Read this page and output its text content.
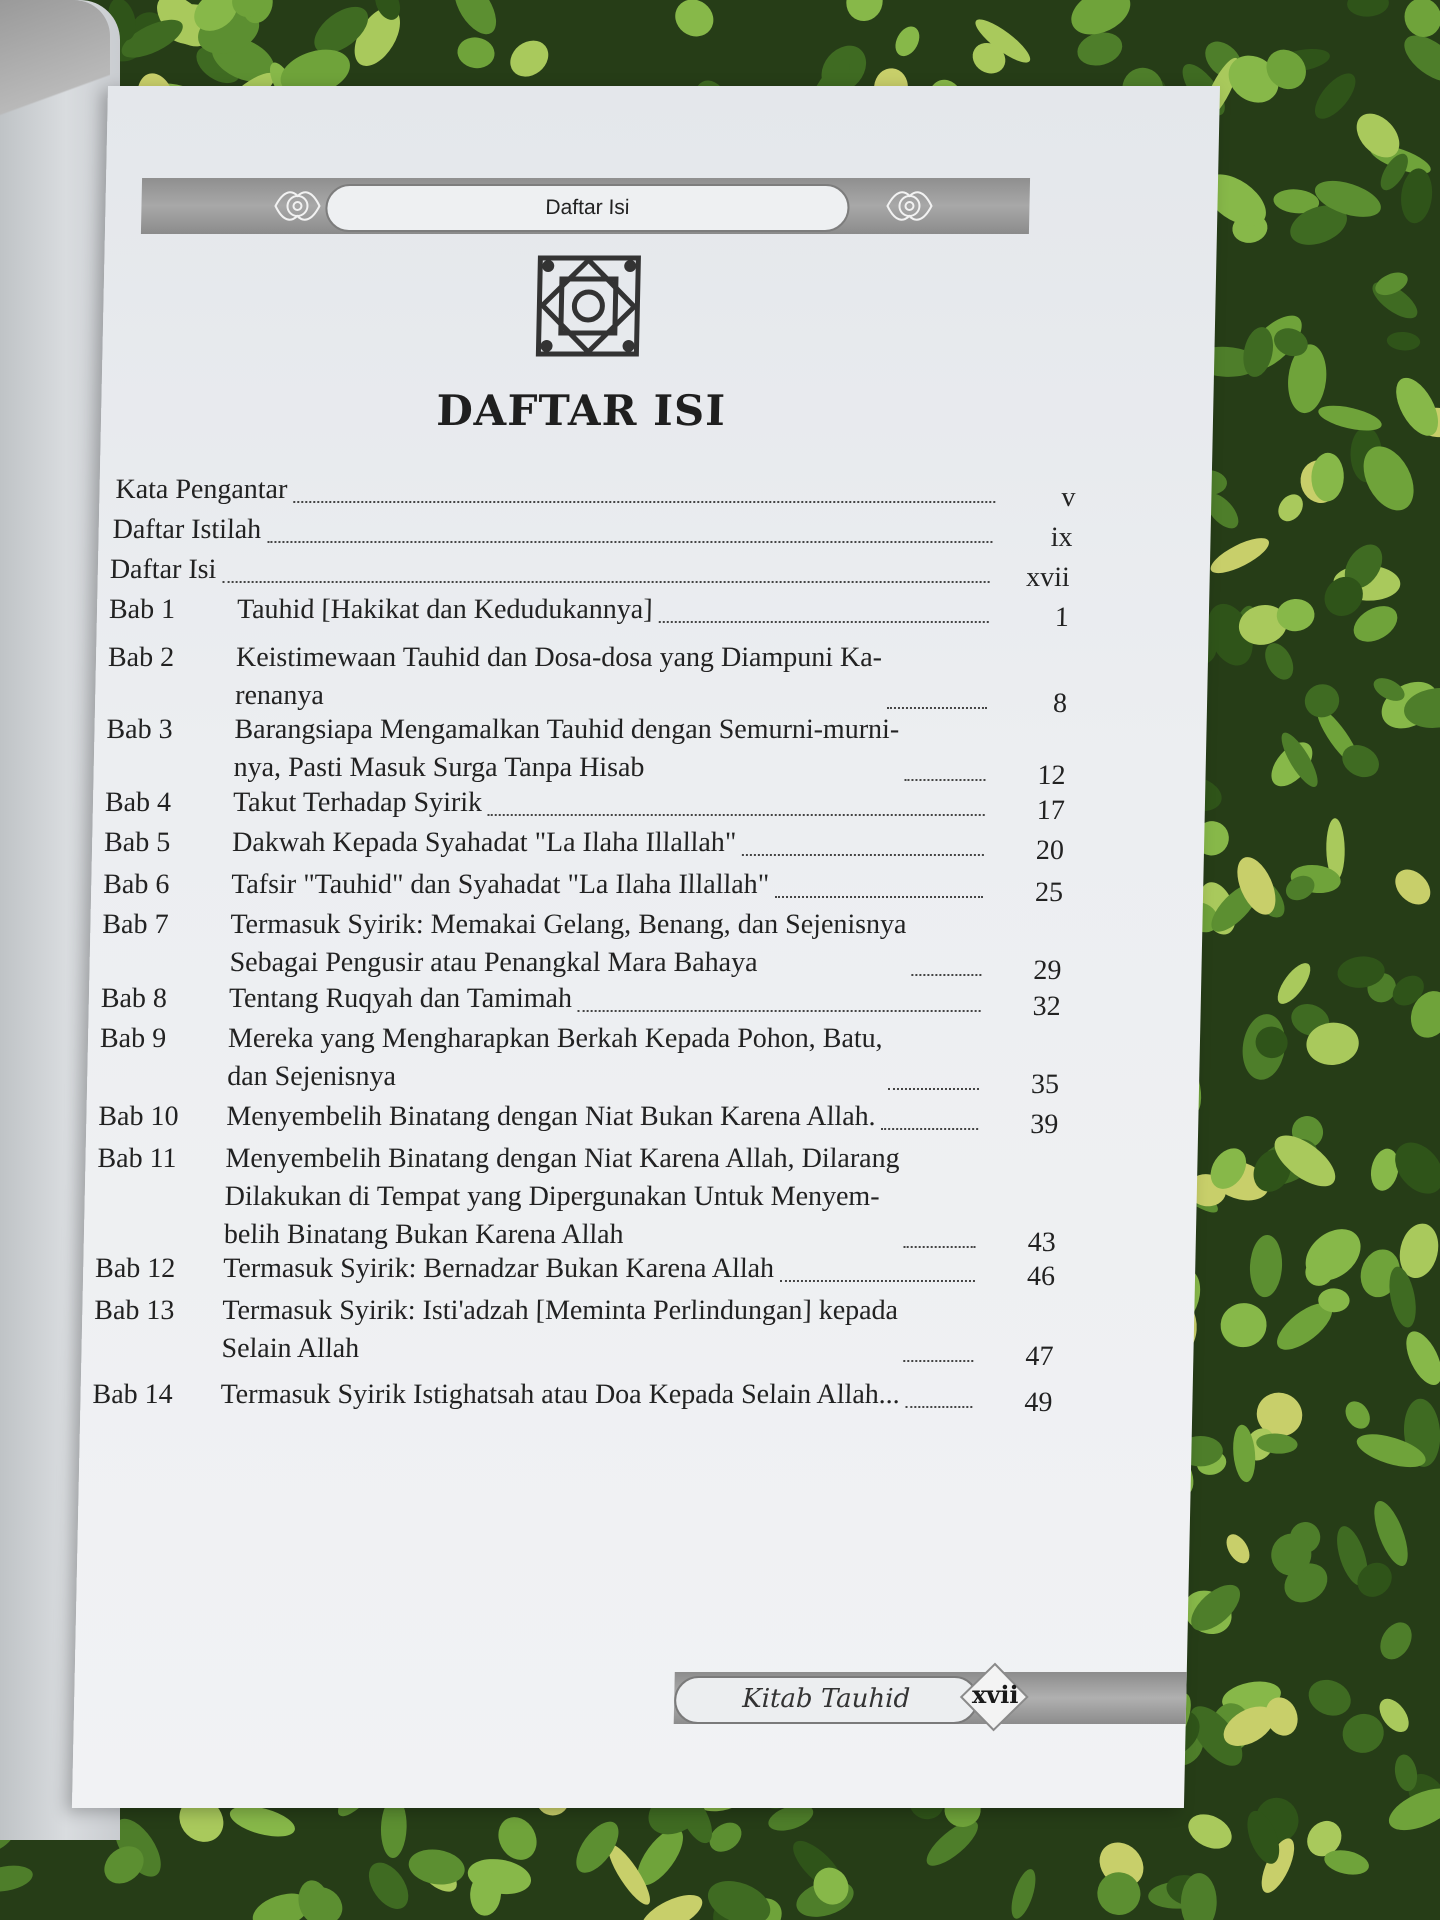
Daftar Isi
DAFTAR ISI
Kata Pengantar	v
Daftar Istilah	ix
Daftar Isi	xvii
Bab 1 Tauhid [Hakikat dan Kedudukannya]	1
Bab 2 Keistimewaan Tauhid dan Dosa-dosa yang Diampuni Ka-
renanya	8
Bab 3 Barangsiapa Mengamalkan Tauhid dengan Semurni-murni-
nya, Pasti Masuk Surga Tanpa Hisab	12
Bab 4 Takut Terhadap Syirik	17
Bab 5 Dakwah Kepada Syahadat "La Ilaha Illallah"	20
Bab 6 Tafsir "Tauhid" dan Syahadat "La Ilaha Illallah"	25
Bab 7 Termasuk Syirik: Memakai Gelang, Benang, dan Sejenisnya
Sebagai Pengusir atau Penangkal Mara Bahaya	29
Bab 8 Tentang Ruqyah dan Tamimah	32
Bab 9 Mereka yang Mengharapkan Berkah Kepada Pohon, Batu,
dan Sejenisnya	35
Bab 10 Menyembelih Binatang dengan Niat Bukan Karena Allah.	39
Bab 11 Menyembelih Binatang dengan Niat Karena Allah, Dilarang
Dilakukan di Tempat yang Dipergunakan Untuk Menyem-
belih Binatang Bukan Karena Allah	43
Bab 12 Termasuk Syirik: Bernadzar Bukan Karena Allah	46
Bab 13 Termasuk Syirik: Isti'adzah [Meminta Perlindungan] kepada
Selain Allah	47
Bab 14 Termasuk Syirik Istighatsah atau Doa Kepada Selain Allah...	49
Kitab Tauhid	xvii
